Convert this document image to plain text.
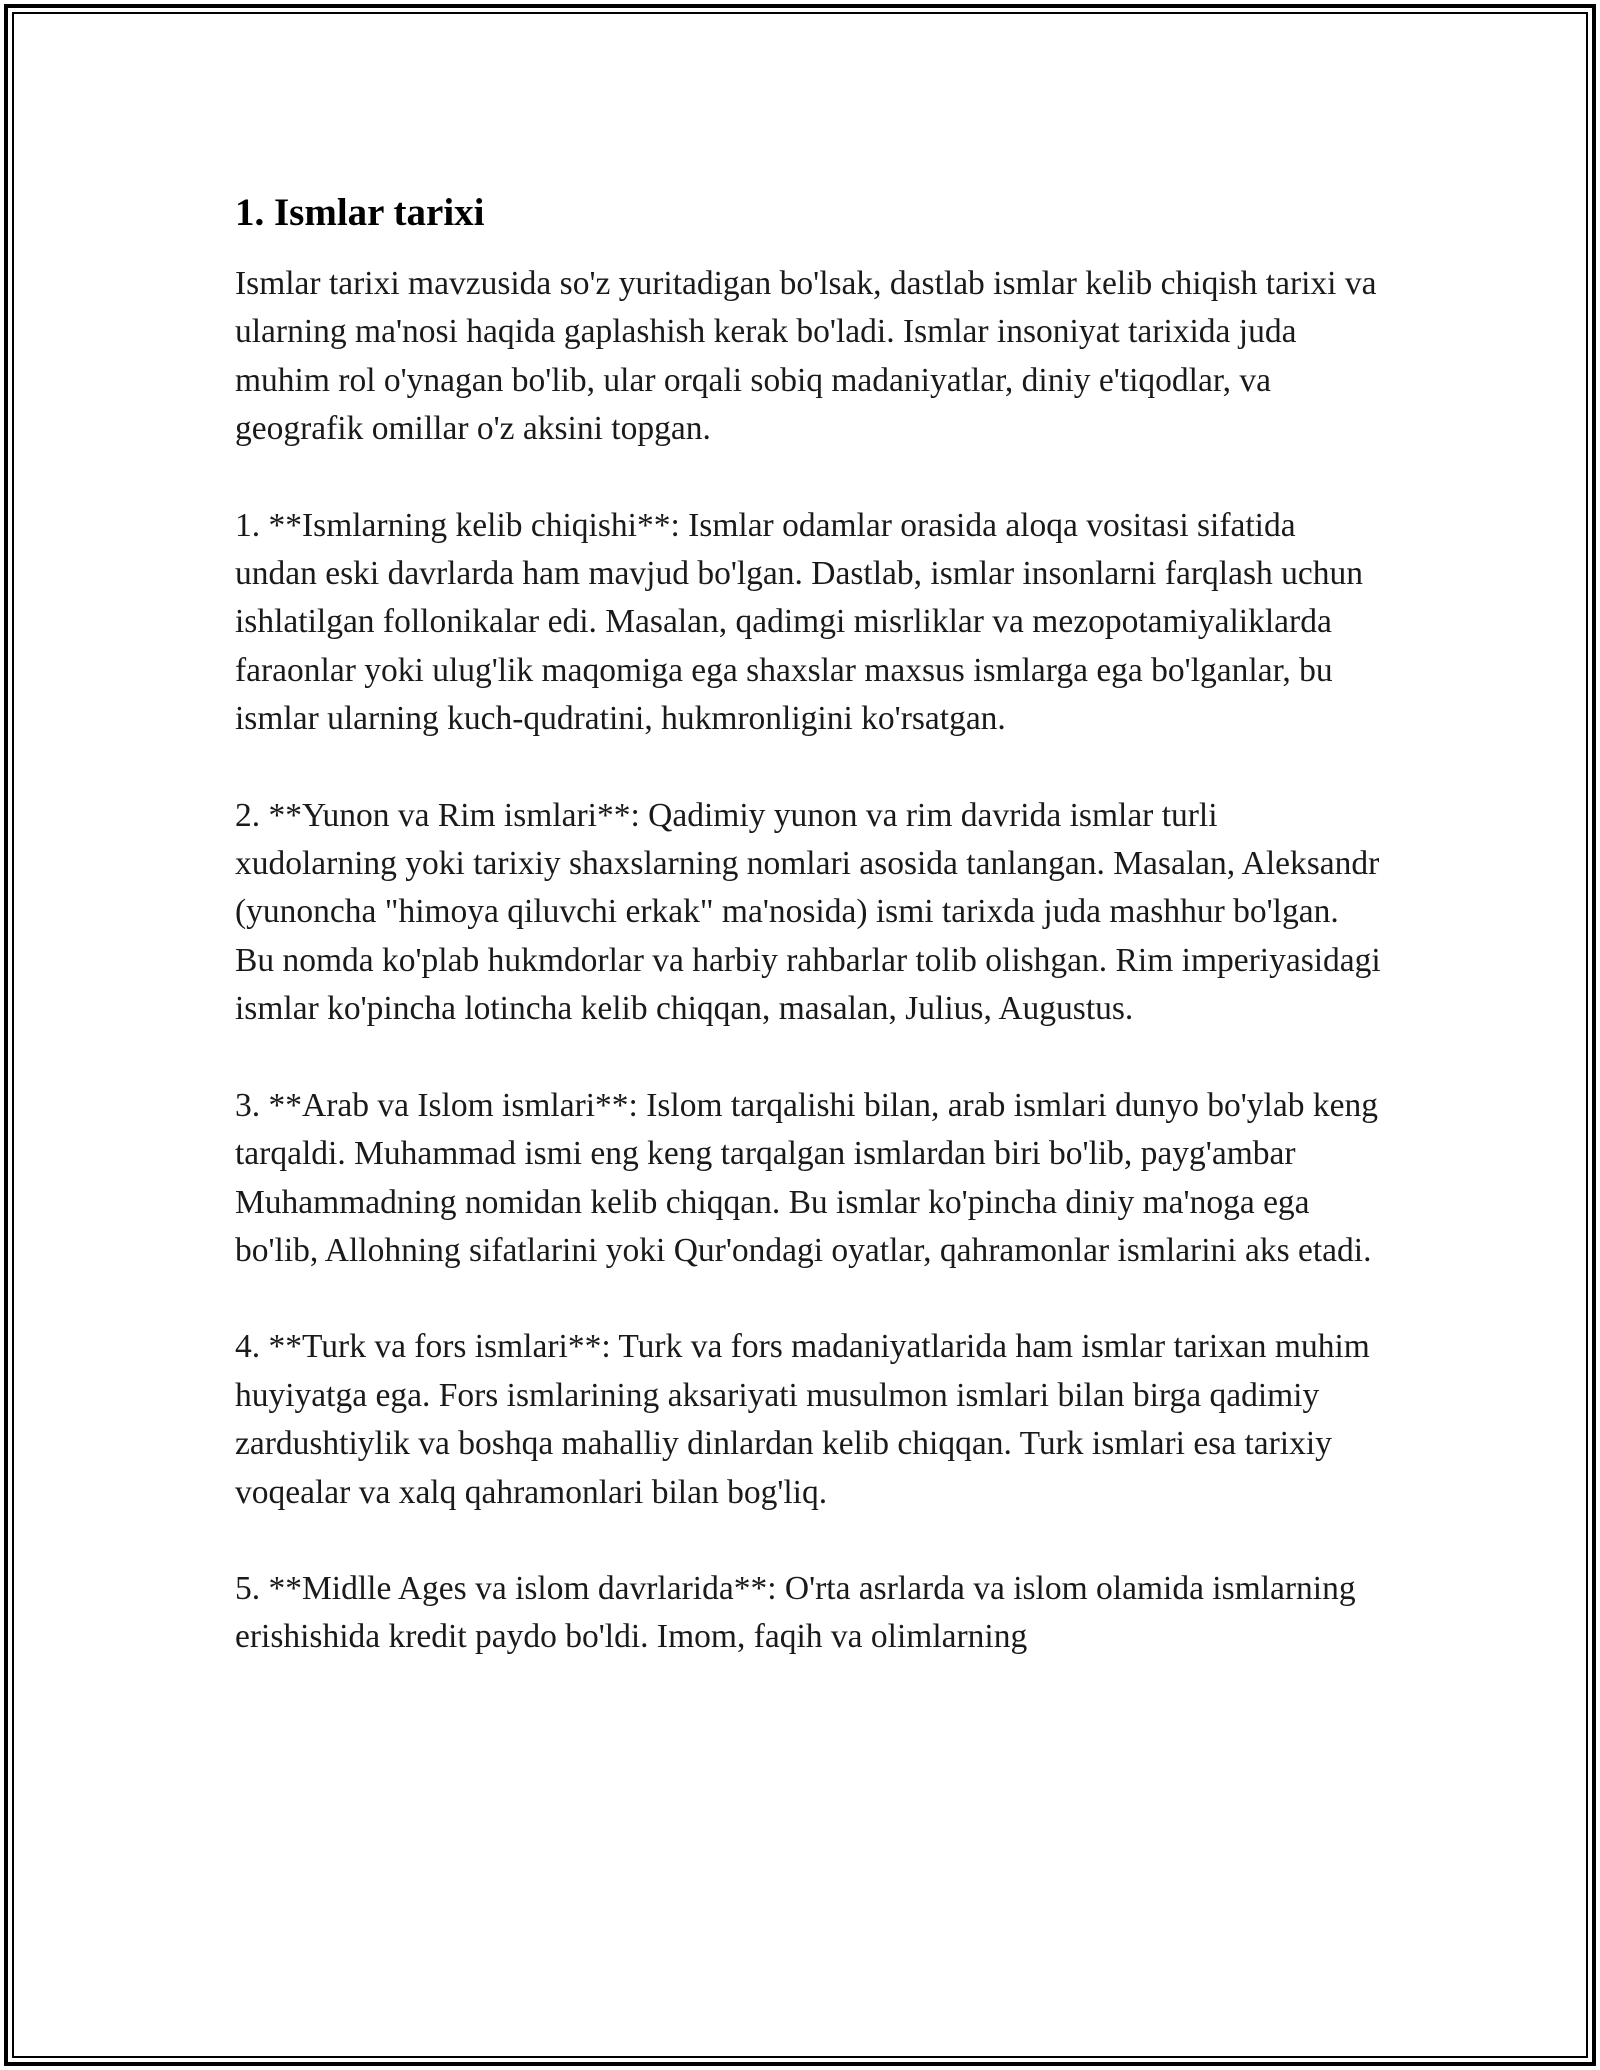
1. Ismlar tarixi

Ismlar tarixi mavzusida so'z yuritadigan bo'lsak, dastlab ismlar kelib chiqish tarixi va ularning ma'nosi haqida gaplashish kerak bo'ladi. Ismlar insoniyat tarixida juda muhim rol o'ynagan bo'lib, ular orqali sobiq madaniyatlar, diniy e'tiqodlar, va geografik omillar o'z aksini topgan.

1. **Ismlarning kelib chiqishi**: Ismlar odamlar orasida aloqa vositasi sifatida undan eski davrlarda ham mavjud bo'lgan. Dastlab, ismlar insonlarni farqlash uchun ishlatilgan follonikalar edi. Masalan, qadimgi misrliklar va mezopotamiyaliklarda faraonlar yoki ulug'lik maqomiga ega shaxslar maxsus ismlarga ega bo'lganlar, bu ismlar ularning kuch-qudratini, hukmronligini ko'rsatgan.

2. **Yunon va Rim ismlari**: Qadimiy yunon va rim davrida ismlar turli xudolarning yoki tarixiy shaxslarning nomlari asosida tanlangan. Masalan, Aleksandr (yunoncha "himoya qiluvchi erkak" ma'nosida) ismi tarixda juda mashhur bo'lgan. Bu nomda ko'plab hukmdorlar va harbiy rahbarlar tolib olishgan. Rim imperiyasidagi ismlar ko'pincha lotincha kelib chiqqan, masalan, Julius, Augustus.

3. **Arab va Islom ismlari**: Islom tarqalishi bilan, arab ismlari dunyo bo'ylab keng tarqaldi. Muhammad ismi eng keng tarqalgan ismlardan biri bo'lib, payg'ambar Muhammadning nomidan kelib chiqqan. Bu ismlar ko'pincha diniy ma'noga ega bo'lib, Allohning sifatlarini yoki Qur'ondagi oyatlar, qahramonlar ismlarini aks etadi.

4. **Turk va fors ismlari**: Turk va fors madaniyatlarida ham ismlar tarixan muhim huyiyatga ega. Fors ismlarining aksariyati musulmon ismlari bilan birga qadimiy zardushtiylik va boshqa mahalliy dinlardan kelib chiqqan. Turk ismlari esa tarixiy voqealar va xalq qahramonlari bilan bog'liq.

5. **Midlle Ages va islom davrlarida**: O'rta asrlarda va islom olamida ismlarning erishishida kredit paydo bo'ldi. Imom, faqih va olimlarning
